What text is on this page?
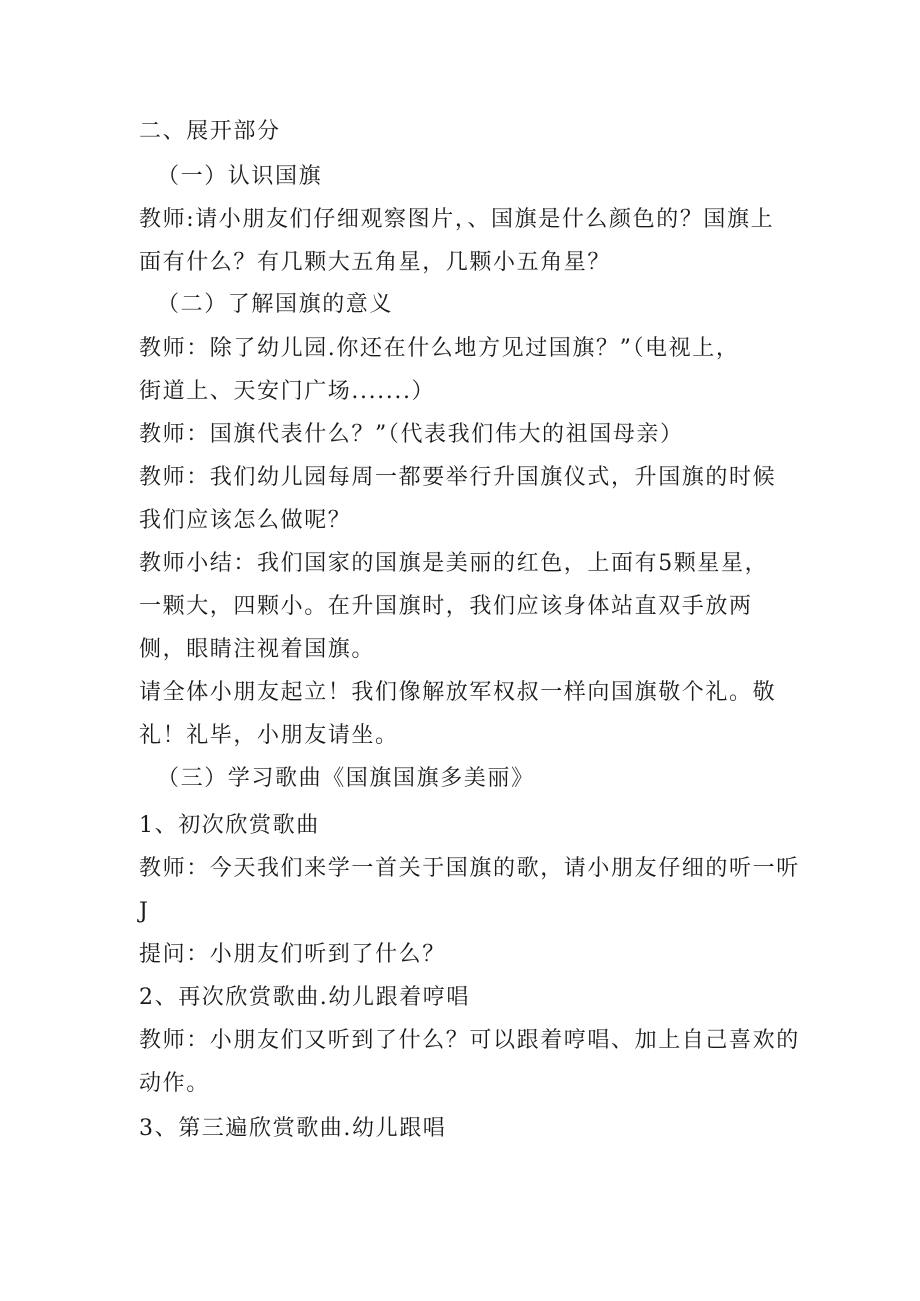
二、展开部分
（一）认识国旗
教师:请小朋友们仔细观察图片，、国旗是什么颜色的？国旗上
面有什么？有几颗大五角星，几颗小五角星？
（二）了解国旗的意义
教师：除了幼儿园.你还在什么地方见过国旗？”（电视上，
街道上、天安门广场.......）
教师：国旗代表什么？”（代表我们伟大的祖国母亲）
教师：我们幼儿园每周一都要举行升国旗仪式，升国旗的时候
我们应该怎么做呢？
教师小结：我们国家的国旗是美丽的红色，上面有5颗星星，
一颗大，四颗小。在升国旗时，我们应该身体站直双手放两
侧，眼睛注视着国旗。
请全体小朋友起立！我们像解放军权叔一样向国旗敬个礼。敬
礼！礼毕，小朋友请坐。
（三）学习歌曲《国旗国旗多美丽》
1、初次欣赏歌曲
教师：今天我们来学一首关于国旗的歌，请小朋友仔细的听一听
J
提问：小朋友们听到了什么？
2、再次欣赏歌曲.幼儿跟着哼唱
教师：小朋友们又听到了什么？可以跟着哼唱、加上自己喜欢的
动作。
3、第三遍欣赏歌曲.幼儿跟唱
